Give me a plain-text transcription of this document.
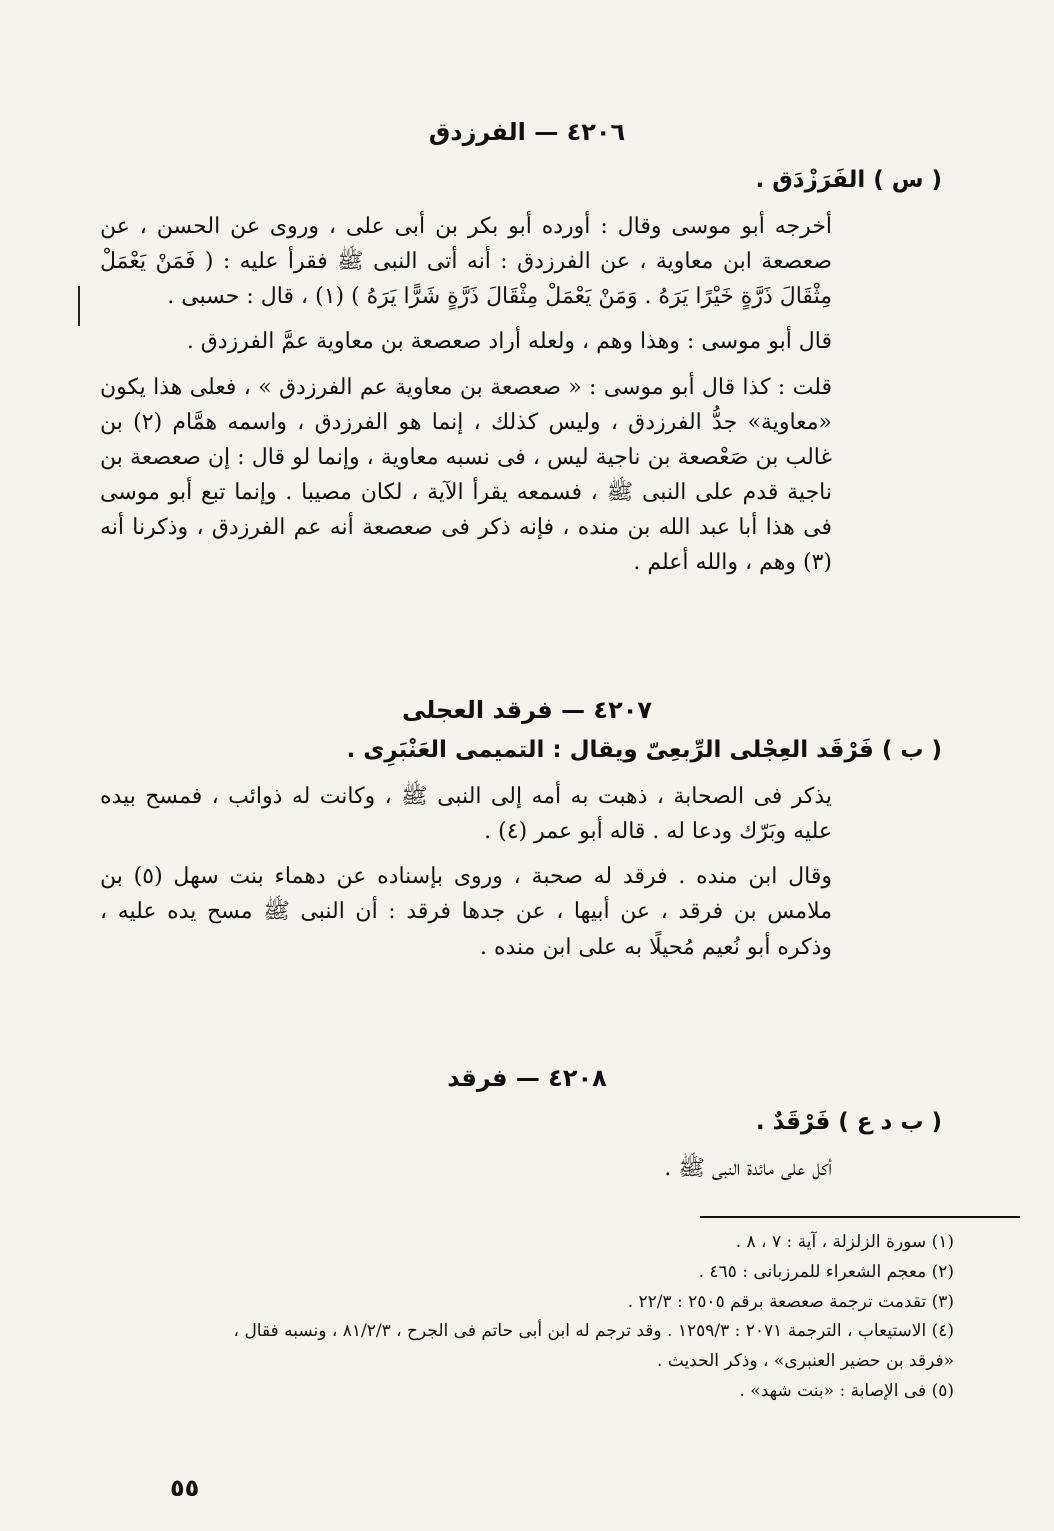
٤٢٠٦ — الفرزدق

( س ) الفَرَزْدَق .

أخرجه أبو موسى وقال : أورده أبو بكر بن أبى على ، وروى عن الحسن ، عن صعصعة ابن معاوية ، عن الفرزدق : أنه أتى النبى ﷺ فقرأ عليه : ( فَمَنْ يَعْمَلْ مِثْقَالَ ذَرَّةٍ خَيْرًا يَرَهُ . وَمَنْ يَعْمَلْ مِثْقَالَ ذَرَّةٍ شَرًّا يَرَهُ ) (١) ، قال : حسبى .

قال أبو موسى : وهذا وهم ، ولعله أراد صعصعة بن معاوية عمَّ الفرزدق .

قلت : كذا قال أبو موسى : « صعصعة بن معاوية عم الفرزدق » ، فعلى هذا يكون «معاوية» جدُّ الفرزدق ، وليس كذلك ، إنما هو الفرزدق ، واسمه همَّام (٢) بن غالب بن صَعْصعة بن ناجية ليس ، فى نسبه معاوية ، وإنما لو قال : إن صعصعة بن ناجية قدم على النبى ﷺ ، فسمعه يقرأ الآية ، لكان مصيبا . وإنما تبع أبو موسى فى هذا أبا عبد الله بن منده ، فإنه ذكر فى صعصعة أنه عم الفرزدق ، وذكرنا أنه (٣) وهم ، والله أعلم .

٤٢٠٧ — فرقد العجلى

( ب ) فَرْقَد العِجْلى الرِّبعِىّ ويقال : التميمى العَنْبَرِى .

يذكر فى الصحابة ، ذهبت به أمه إلى النبى ﷺ ، وكانت له ذوائب ، فمسح بيده عليه وبَرّك ودعا له . قاله أبو عمر (٤) .

وقال ابن منده . فرقد له صحبة ، وروى بإسناده عن دهماء بنت سهل (٥) بن ملامس بن فرقد ، عن أبيها ، عن جدها فرقد : أن النبى ﷺ مسح يده عليه ، وذكره أبو نُعيم مُحيلًا به على ابن منده .

٤٢٠٨ — فرقد

( ب د ع ) فَرْقَدٌ .

أكل على مائدة النبى ﷺ .

(١) سورة الزلزلة ، آية : ٧ ، ٨ .
(٢) معجم الشعراء للمرزبانى : ٤٦٥ .
(٣) تقدمت ترجمة صعصعة برقم ٢٥٠٥ : ٢٢/٣ .
(٤) الاستيعاب ، الترجمة ٢٠٧١ : ١٢٥٩/٣ . وقد ترجم له ابن أبى حاتم فى الجرح ، ٨١/٢/٣ ، ونسبه فقال ،
«فرقد بن حضير العنبرى» ، وذكر الحديث .
(٥) فى الإصابة : «بنت شهد» .
٥٥
